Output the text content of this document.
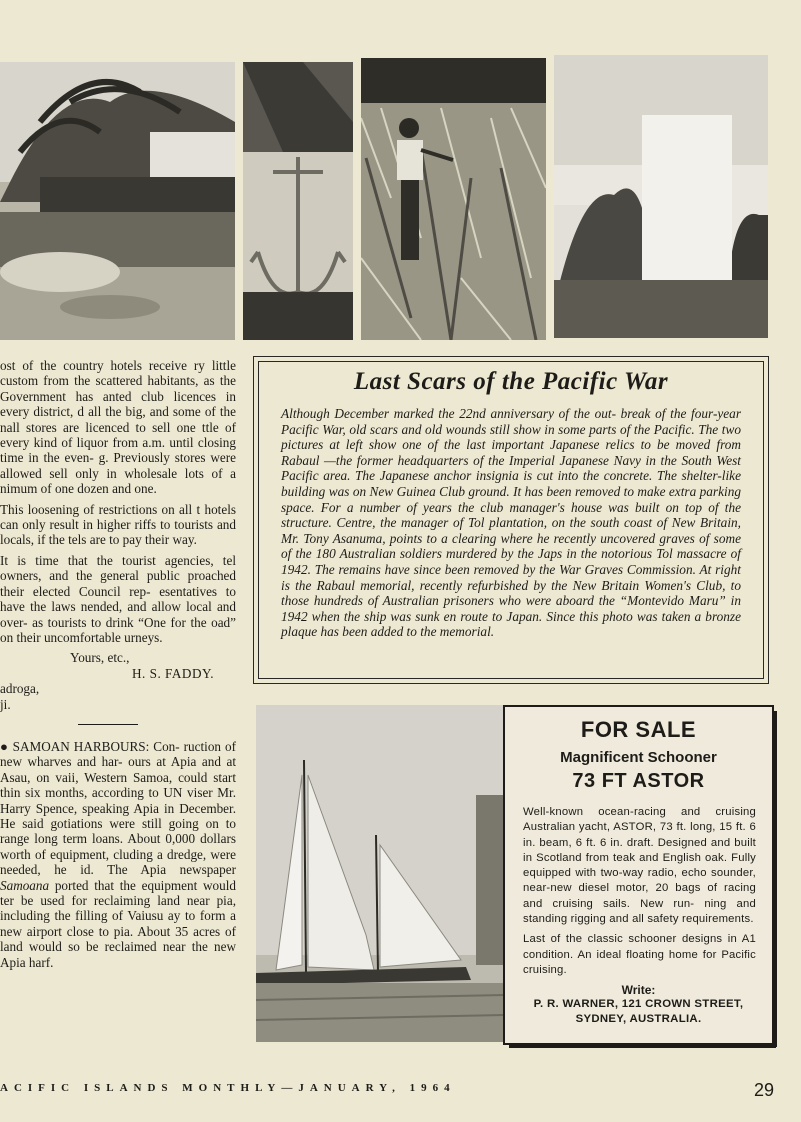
ost of the country hotels receive ry little custom from the scattered habitants, as the Government has anted club licences in every district, d all the big, and some of the nall stores are licenced to sell one ttle of every kind of liquor from a.m. until closing time in the even- g. Previously stores were allowed sell only in wholesale lots of a nimum of one dozen and one.

This loosening of restrictions on all t hotels can only result in higher riffs to tourists and locals, if the tels are to pay their way.

It is time that the tourist agencies, tel owners, and the general public proached their elected Council rep- esentatives to have the laws nended, and allow local and over- as tourists to drink “One for the oad” on their uncomfortable urneys.

Yours, etc.,
H. S. FADDY.
adroga,
ji.

● SAMOAN HARBOURS: Con- ruction of new wharves and har- ours at Apia and at Asau, on vaii, Western Samoa, could start thin six months, according to UN viser Mr. Harry Spence, speaking Apia in December. He said gotiations were still going on to range long term loans. About 0,000 dollars worth of equipment, cluding a dredge, were needed, he id. The Apia newspaper Samoana ported that the equipment would ter be used for reclaiming land near pia, including the filling of Vaiusu ay to form a new airport close to pia. About 35 acres of land would so be reclaimed near the new Apia harf.

Last Scars of the Pacific War
Although December marked the 22nd anniversary of the out- break of the four-year Pacific War, old scars and old wounds still show in some parts of the Pacific. The two pictures at left show one of the last important Japanese relics to be moved from Rabaul —the former headquarters of the Imperial Japanese Navy in the South West Pacific area. The Japanese anchor insignia is cut into the concrete. The shelter-like building was on New Guinea Club ground. It has been removed to make extra parking space. For a number of years the club manager's house was built on top of the structure. Centre, the manager of Tol plantation, on the south coast of New Britain, Mr. Tony Asanuma, points to a clearing where he recently uncovered graves of some of the 180 Australian soldiers murdered by the Japs in the notorious Tol massacre of 1942. The remains have since been removed by the War Graves Commission. At right is the Rabaul memorial, recently refurbished by the New Britain Women's Club, to those hundreds of Australian prisoners who were aboard the “Montevido Maru” in 1942 when the ship was sunk en route to Japan. Since this photo was taken a bronze plaque has been added to the memorial.
FOR SALE
Magnificent Schooner
73 FT ASTOR

Well-known ocean-racing and cruising Australian yacht, ASTOR, 73 ft. long, 15 ft. 6 in. beam, 6 ft. 6 in. draft. Designed and built in Scotland from teak and English oak. Fully equipped with two-way radio, echo sounder, near-new diesel motor, 20 bags of racing and cruising sails. New run- ning and standing rigging and all safety requirements.

Last of the classic schooner designs in A1 condition. An ideal floating home for Pacific cruising.

Write:
P. R. WARNER, 121 CROWN STREET,
SYDNEY, AUSTRALIA.
ACIFIC ISLANDS MONTHLY—JANUARY, 1964	29
